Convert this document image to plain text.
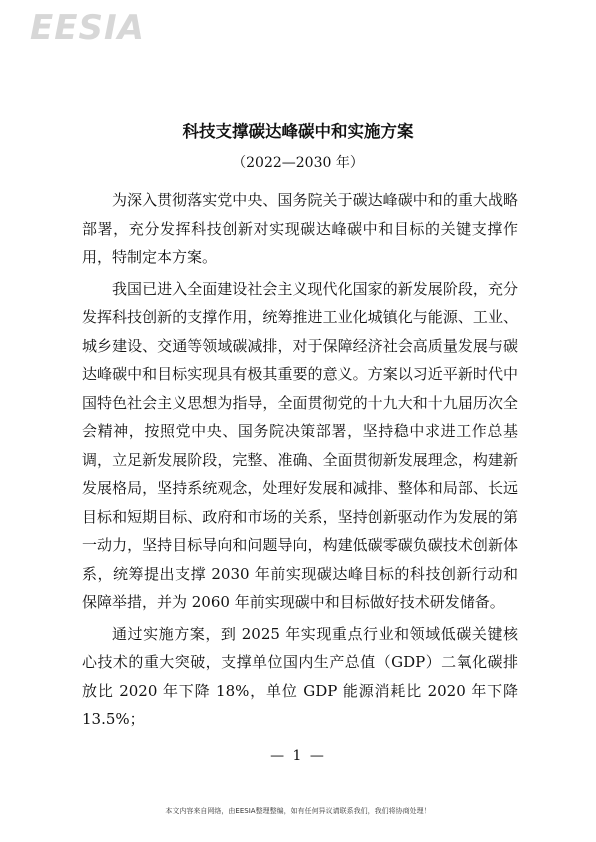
EESIA
科技支撑碳达峰碳中和实施方案
（2022—2030 年）

为深入贯彻落实党中央、国务院关于碳达峰碳中和的重大战略部署，充分发挥科技创新对实现碳达峰碳中和目标的关键支撑作用，特制定本方案。

我国已进入全面建设社会主义现代化国家的新发展阶段，充分发挥科技创新的支撑作用，统筹推进工业化城镇化与能源、工业、城乡建设、交通等领域碳减排，对于保障经济社会高质量发展与碳达峰碳中和目标实现具有极其重要的意义。方案以习近平新时代中国特色社会主义思想为指导，全面贯彻党的十九大和十九届历次全会精神，按照党中央、国务院决策部署，坚持稳中求进工作总基调，立足新发展阶段，完整、准确、全面贯彻新发展理念，构建新发展格局，坚持系统观念，处理好发展和减排、整体和局部、长远目标和短期目标、政府和市场的关系，坚持创新驱动作为发展的第一动力，坚持目标导向和问题导向，构建低碳零碳负碳技术创新体系，统筹提出支撑 2030 年前实现碳达峰目标的科技创新行动和保障举措，并为 2060 年前实现碳中和目标做好技术研发储备。

通过实施方案，到 2025 年实现重点行业和领域低碳关键核心技术的重大突破，支撑单位国内生产总值（GDP）二氧化碳排放比 2020 年下降 18%，单位 GDP 能源消耗比 2020 年下降 13.5%；

— 1 —
本文内容来自网络，由EESIA整理整编，如有任何异议请联系我们，我们将协商处理！
